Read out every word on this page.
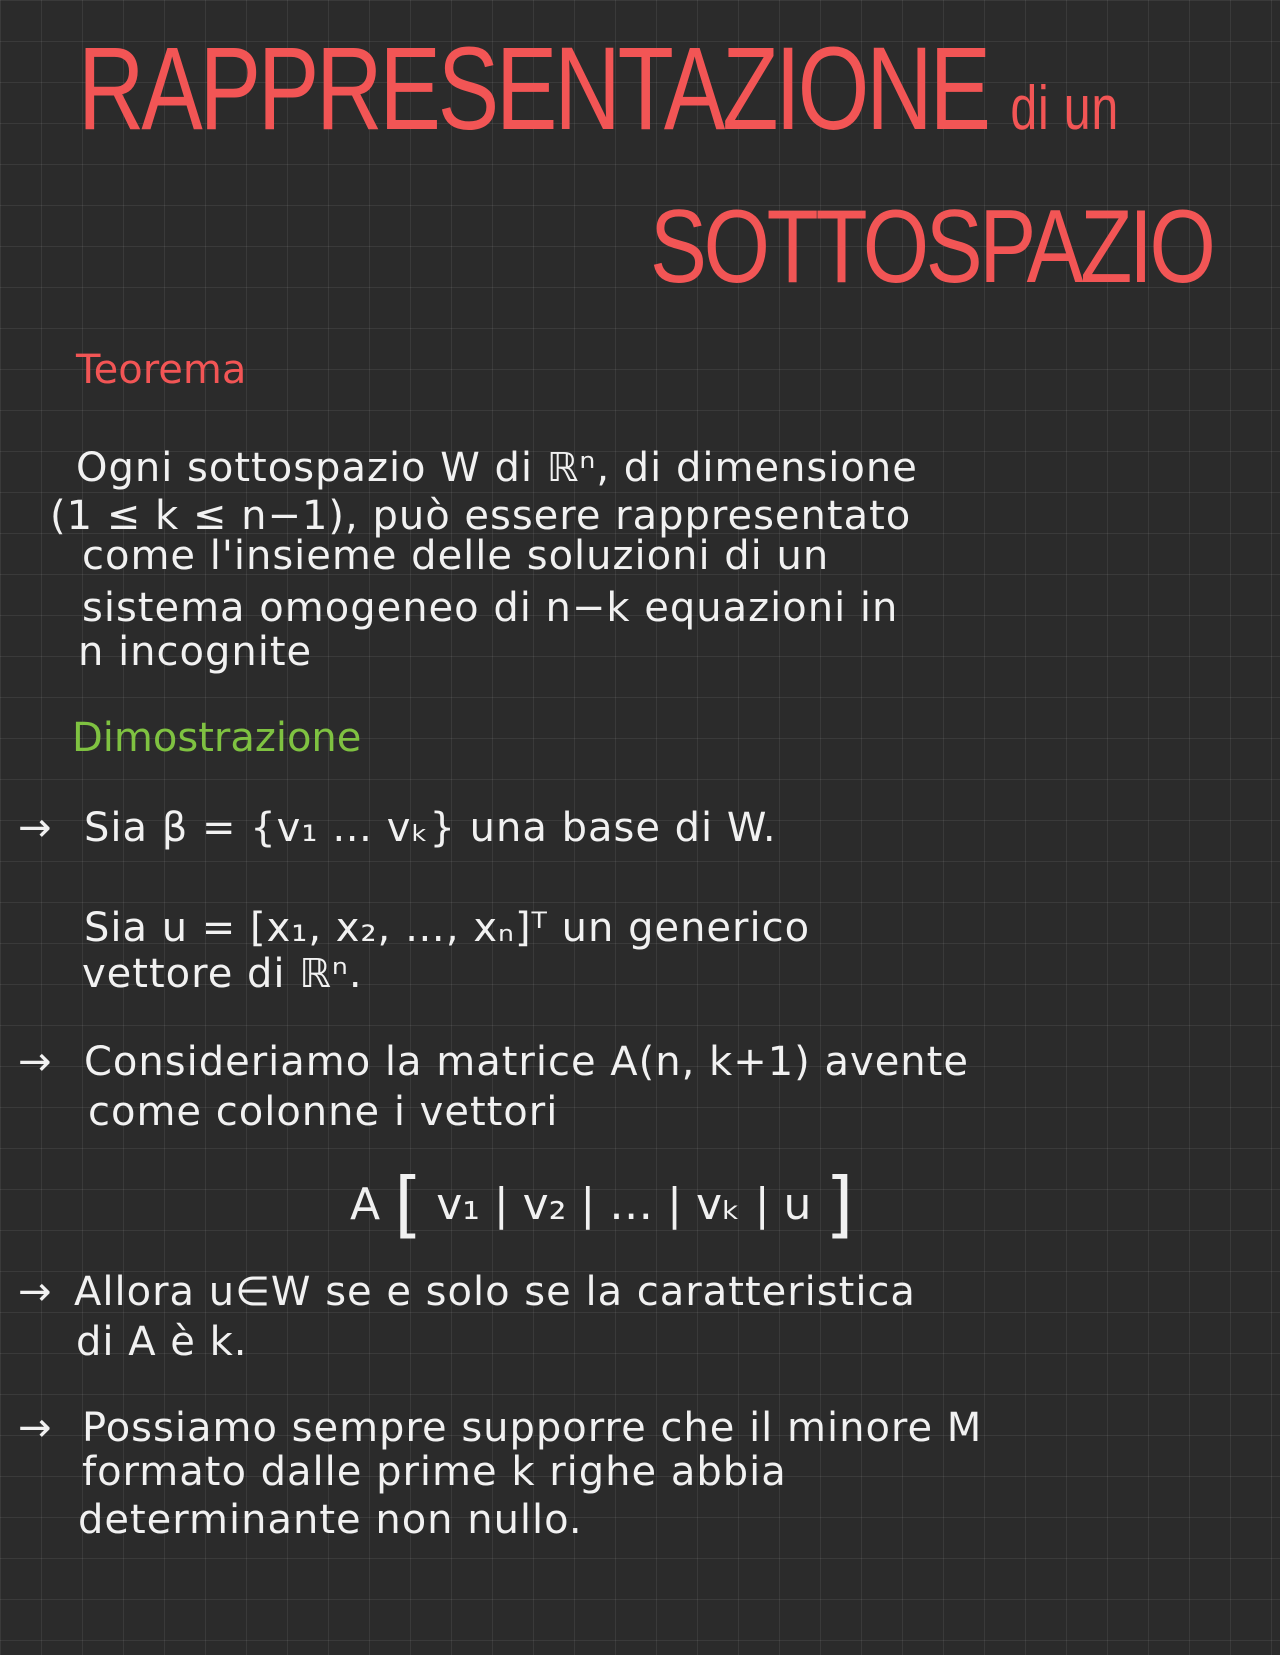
RAPPRESENTAZIONE di un
SOTTOSPAZIO
Teorema
Ogni sottospazio W di ℝⁿ, di dimensione
(1 ≤ k ≤ n−1), può essere rappresentato
come l'insieme delle soluzioni di un
sistema omogeneo di n−k equazioni in
n incognite
Dimostrazione
→ Sia β = {v₁ … vₖ} una base di W.
Sia u = [x₁, x₂, …, xₙ]ᵀ un generico
vettore di ℝⁿ.
→ Consideriamo la matrice A(n, k+1) avente
come colonne i vettori
A [ v₁ | v₂ | … | vₖ | u ]
→ Allora u∈W se e solo se la caratteristica
di A è k.
→ Possiamo sempre supporre che il minore M
formato dalle prime k righe abbia
determinante non nullo.
